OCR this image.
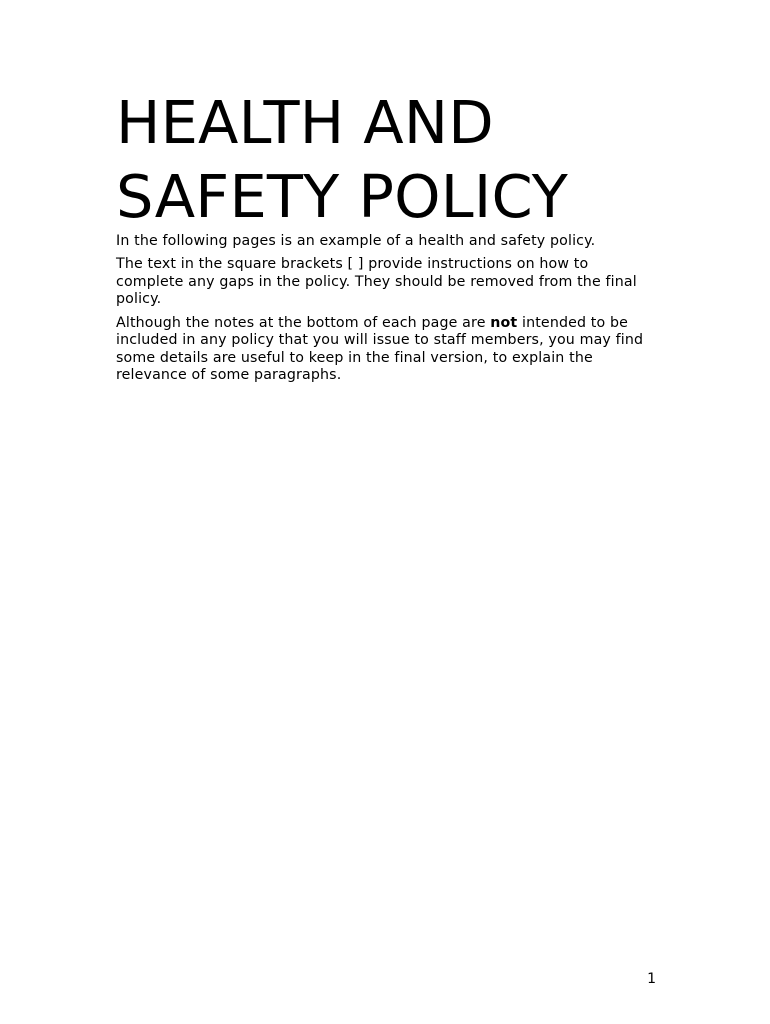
HEALTH AND
SAFETY POLICY

In the following pages is an example of a health and safety policy.

The text in the square brackets [ ] provide instructions on how to complete any gaps in the policy. They should be removed from the final policy.

Although the notes at the bottom of each page are not intended to be included in any policy that you will issue to staff members, you may find some details are useful to keep in the final version, to explain the relevance of some paragraphs.

1
